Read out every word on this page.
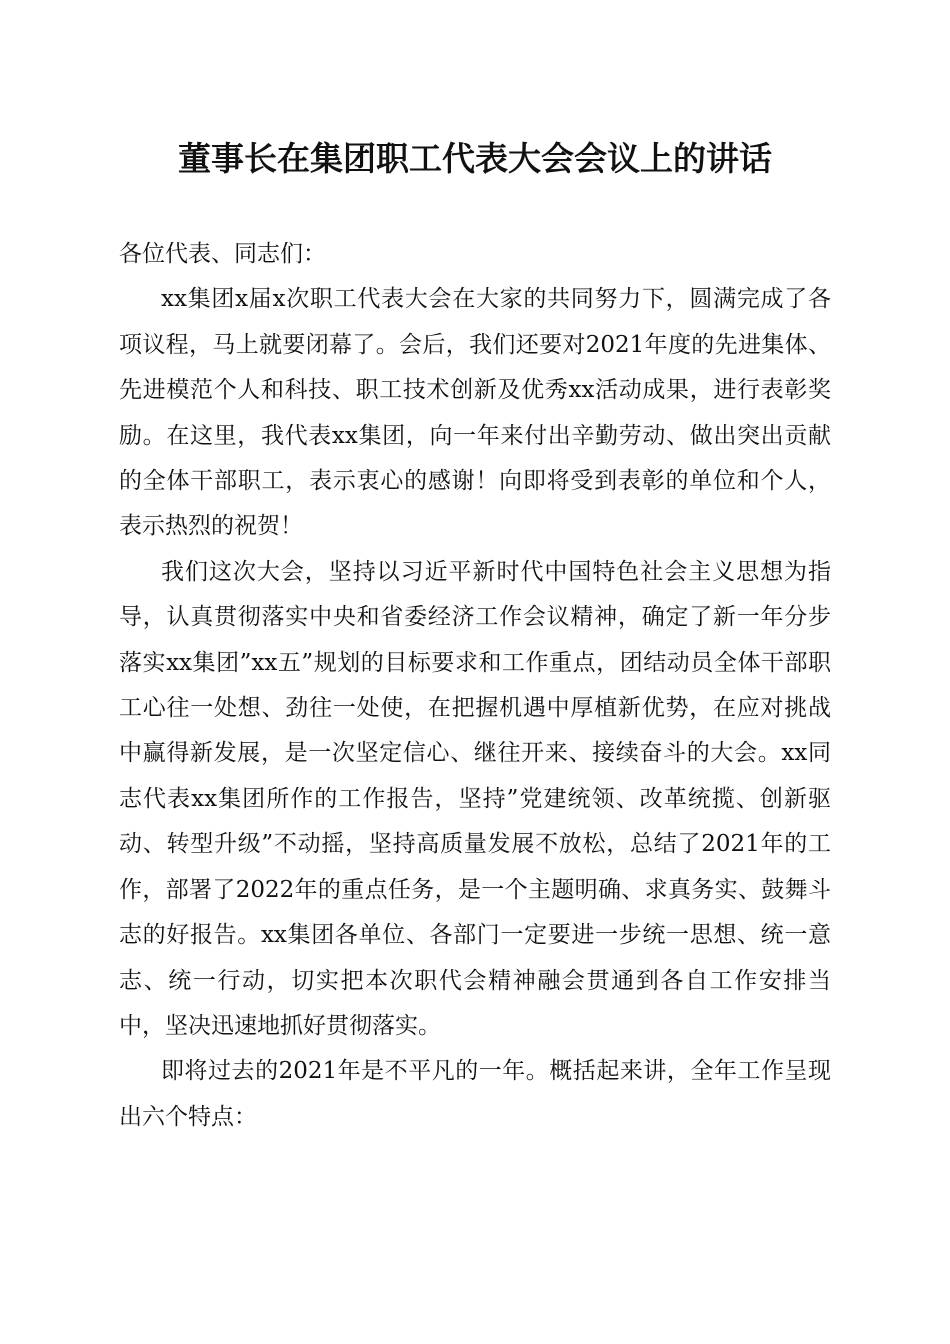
董事长在集团职工代表大会会议上的讲话

各位代表、同志们：

xx集团x届x次职工代表大会在大家的共同努力下，圆满完成了各项议程，马上就要闭幕了。会后，我们还要对2021年度的先进集体、先进模范个人和科技、职工技术创新及优秀xx活动成果，进行表彰奖励。在这里，我代表xx集团，向一年来付出辛勤劳动、做出突出贡献的全体干部职工，表示衷心的感谢！向即将受到表彰的单位和个人，表示热烈的祝贺！

我们这次大会，坚持以习近平新时代中国特色社会主义思想为指导，认真贯彻落实中央和省委经济工作会议精神，确定了新一年分步落实xx集团”xx五”规划的目标要求和工作重点，团结动员全体干部职工心往一处想、劲往一处使，在把握机遇中厚植新优势，在应对挑战中赢得新发展，是一次坚定信心、继往开来、接续奋斗的大会。xx同志代表xx集团所作的工作报告，坚持”党建统领、改革统揽、创新驱动、转型升级”不动摇，坚持高质量发展不放松，总结了2021年的工作，部署了2022年的重点任务，是一个主题明确、求真务实、鼓舞斗志的好报告。xx集团各单位、各部门一定要进一步统一思想、统一意志、统一行动，切实把本次职代会精神融会贯通到各自工作安排当中，坚决迅速地抓好贯彻落实。

即将过去的2021年是不平凡的一年。概括起来讲，全年工作呈现出六个特点：
